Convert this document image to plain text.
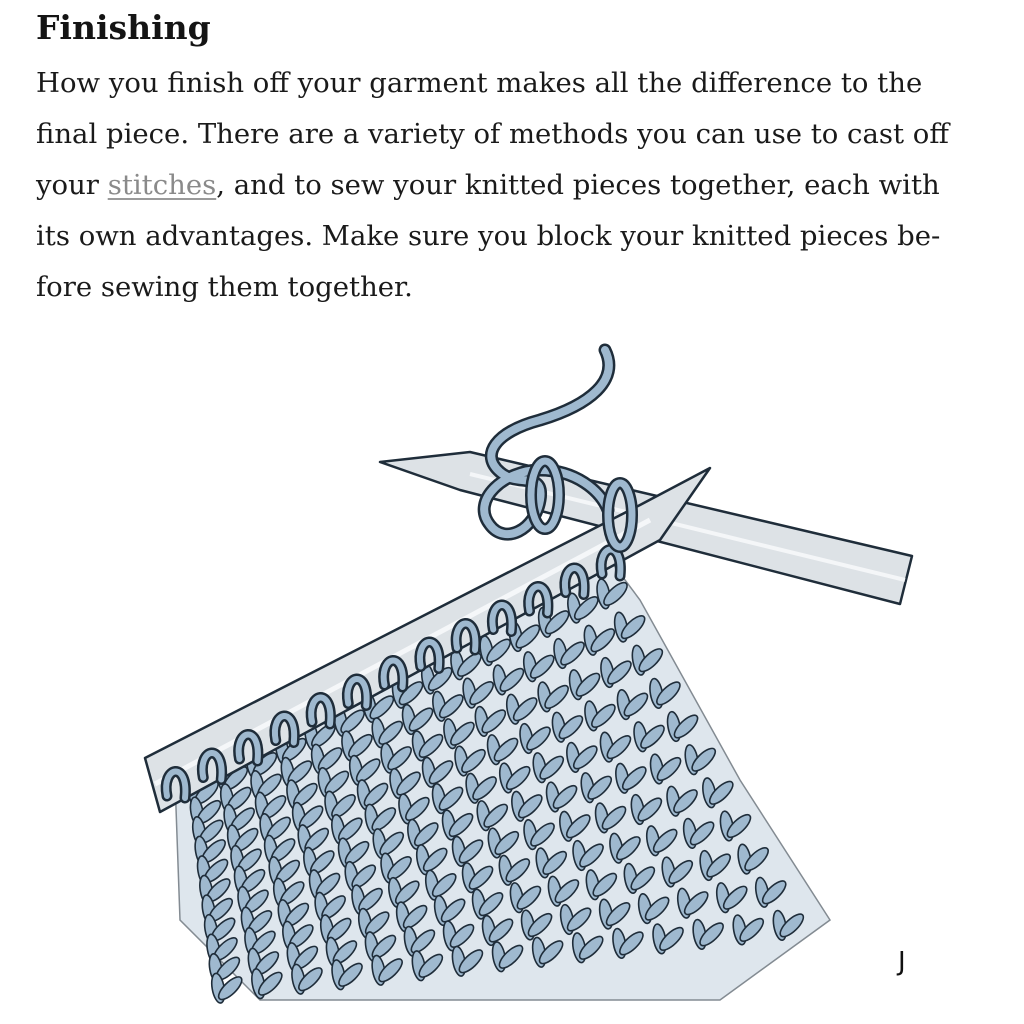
Finishing

How you finish off your garment makes all the difference to the
final piece. There are a variety of methods you can use to cast off
your stitches, and to sew your knitted pieces together, each with
its own advantages. Make sure you block your knitted pieces be-
fore sewing them together.

J
